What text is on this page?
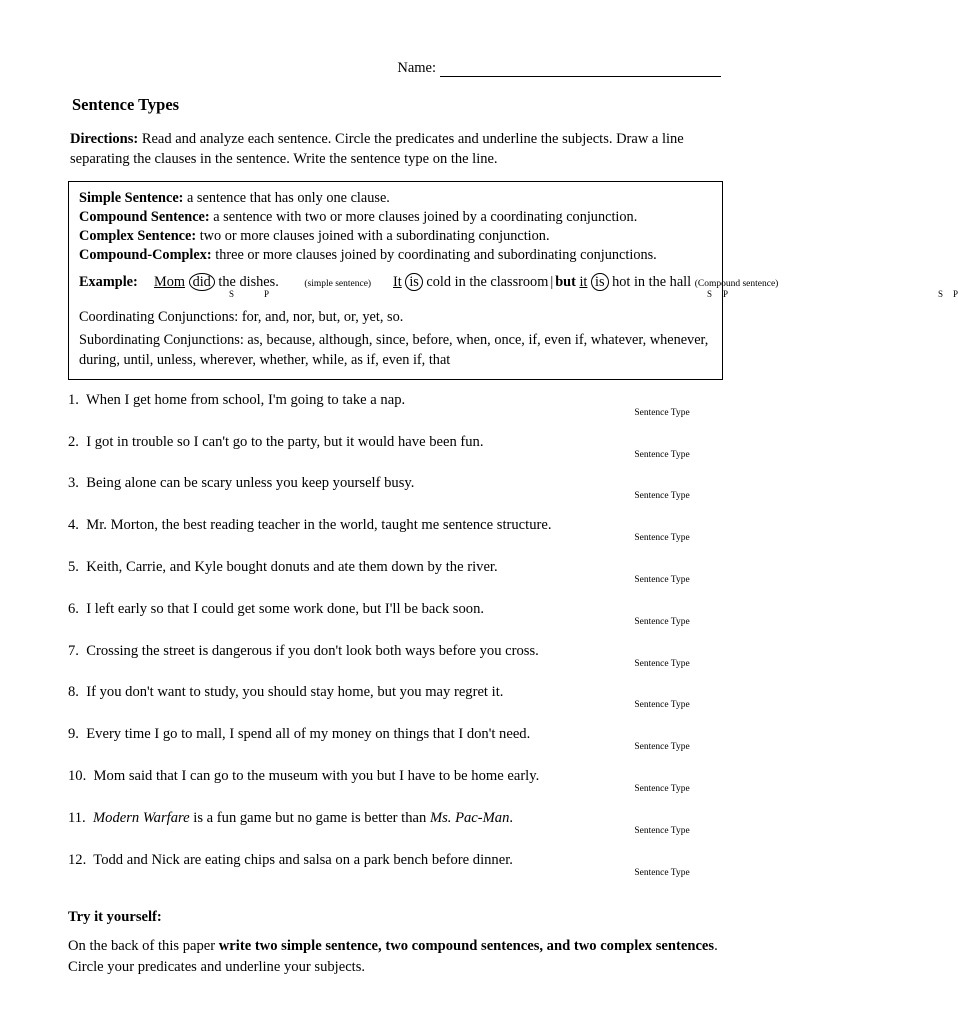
Name:
Sentence Types
Directions: Read and analyze each sentence. Circle the predicates and underline the subjects. Draw a line separating the clauses in the sentence. Write the sentence type on the line.
Simple Sentence: a sentence that has only one clause.
Compound Sentence: a sentence with two or more clauses joined by a coordinating conjunction.
Complex Sentence: two or more clauses joined with a subordinating conjunction.
Compound-Complex: three or more clauses joined by coordinating and subordinating conjunctions.
Example: Mom
S
did
P
the dishes.	(simple sentence) It
S
is
P
cold in the classroom | but it
S
is
P
hot in the hall (Compound sentence)
Coordinating Conjunctions: for, and, nor, but, or, yet, so.
Subordinating Conjunctions: as, because, although, since, before, when, once, if, even if, whatever, whenever, during, until, unless, wherever, whether, while, as if, even if, that
1. When I get home from school, I'm going to take a nap.
Sentence Type
2. I got in trouble so I can't go to the party, but it would have been fun.
Sentence Type
3. Being alone can be scary unless you keep yourself busy.
Sentence Type
4. Mr. Morton, the best reading teacher in the world, taught me sentence structure.
Sentence Type
5. Keith, Carrie, and Kyle bought donuts and ate them down by the river.
Sentence Type
6. I left early so that I could get some work done, but I'll be back soon.
Sentence Type
7. Crossing the street is dangerous if you don't look both ways before you cross.
Sentence Type
8. If you don't want to study, you should stay home, but you may regret it.
Sentence Type
9. Every time I go to mall, I spend all of my money on things that I don't need.
Sentence Type
10. Mom said that I can go to the museum with you but I have to be home early.
Sentence Type
11. Modern Warfare is a fun game but no game is better than Ms. Pac-Man.
Sentence Type
12. Todd and Nick are eating chips and salsa on a park bench before dinner.
Sentence Type
Try it yourself:
On the back of this paper write two simple sentence, two compound sentences, and two complex sentences. Circle your predicates and underline your subjects.
